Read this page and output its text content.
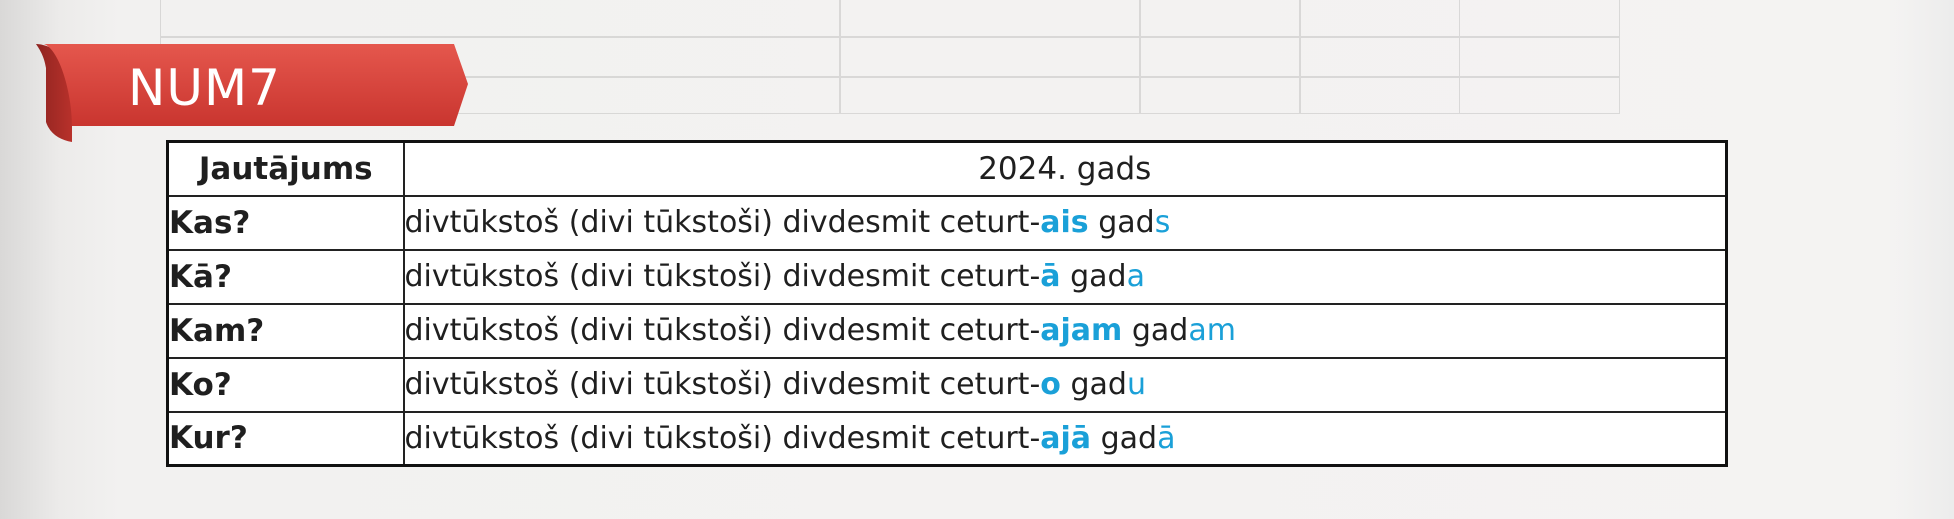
NUM7
Jautājums	2024. gads
Kas?	divtūkstoš (divi tūkstoši) divdesmit ceturt-ais gads
Kā?	divtūkstoš (divi tūkstoši) divdesmit ceturt-ā gada
Kam?	divtūkstoš (divi tūkstoši) divdesmit ceturt-ajam gadam
Ko?	divtūkstoš (divi tūkstoši) divdesmit ceturt-o gadu
Kur?	divtūkstoš (divi tūkstoši) divdesmit ceturt-ajā gadā
